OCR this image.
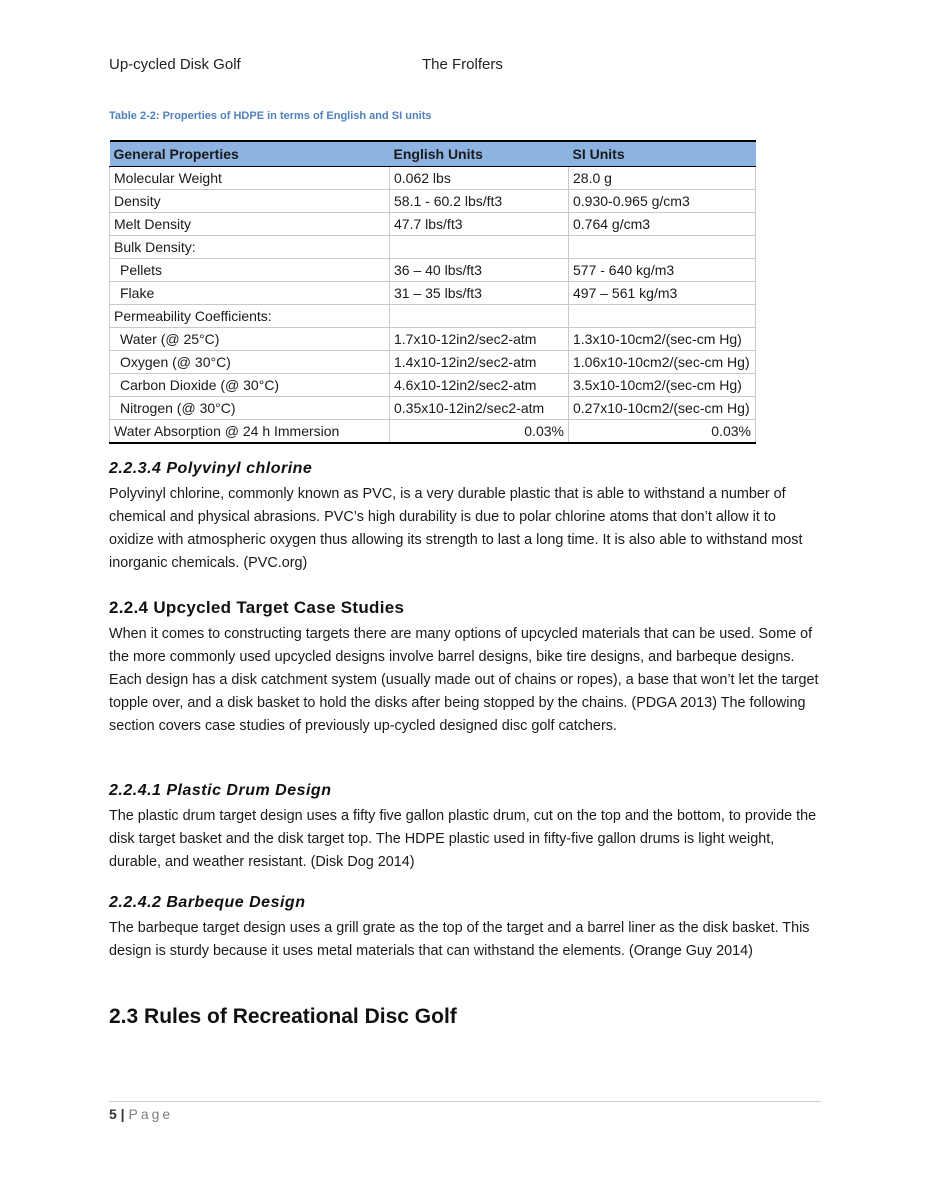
Up-cycled Disk Golf	The Frolfers
Table 2-2: Properties of HDPE in terms of English and SI units
General Properties	English Units	SI Units
Molecular Weight	0.062 lbs	28.0 g
Density	58.1 - 60.2 lbs/ft3	0.930-0.965 g/cm3
Melt Density	47.7 lbs/ft3	0.764 g/cm3
Bulk Density:		
Pellets	36 – 40 lbs/ft3	577 - 640 kg/m3
Flake	31 – 35 lbs/ft3	497 – 561 kg/m3
Permeability Coefficients:		
Water (@ 25°C)	1.7x10-12in2/sec2-atm	1.3x10-10cm2/(sec-cm Hg)
Oxygen (@ 30°C)	1.4x10-12in2/sec2-atm	1.06x10-10cm2/(sec-cm Hg)
Carbon Dioxide (@ 30°C)	4.6x10-12in2/sec2-atm	3.5x10-10cm2/(sec-cm Hg)
Nitrogen (@ 30°C)	0.35x10-12in2/sec2-atm	0.27x10-10cm2/(sec-cm Hg)
Water Absorption @ 24 h Immersion	0.03%	0.03%
2.2.3.4 Polyvinyl chlorine
Polyvinyl chlorine, commonly known as PVC, is a very durable plastic that is able to withstand a number of chemical and physical abrasions. PVC’s high durability is due to polar chlorine atoms that don’t allow it to oxidize with atmospheric oxygen thus allowing its strength to last a long time. It is also able to withstand most inorganic chemicals. (PVC.org)
2.2.4 Upcycled Target Case Studies
When it comes to constructing targets there are many options of upcycled materials that can be used. Some of the more commonly used upcycled designs involve barrel designs, bike tire designs, and barbeque designs. Each design has a disk catchment system (usually made out of chains or ropes), a base that won’t let the target topple over, and a disk basket to hold the disks after being stopped by the chains. (PDGA 2013) The following section covers case studies of previously up-cycled designed disc golf catchers.
2.2.4.1 Plastic Drum Design
The plastic drum target design uses a fifty five gallon plastic drum, cut on the top and the bottom, to provide the disk target basket and the disk target top. The HDPE plastic used in fifty-five gallon drums is light weight, durable, and weather resistant. (Disk Dog 2014)
2.2.4.2 Barbeque Design
The barbeque target design uses a grill grate as the top of the target and a barrel liner as the disk basket. This design is sturdy because it uses metal materials that can withstand the elements. (Orange Guy 2014)
2.3 Rules of Recreational Disc Golf
5 | Page
